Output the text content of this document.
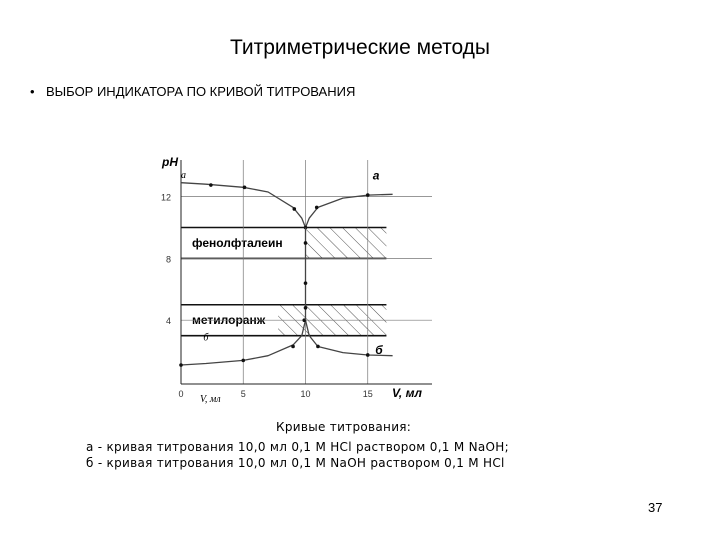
Титриметрические методы
• ВЫБОР ИНДИКАТОРА ПО КРИВОЙ ТИТРОВАНИЯ
фенолфталеин
метилоранж
4
8
12
0	5	10	15
pH
а
V, мл
V, мл
а
б
б
Кривые титрования:
а - кривая титрования 10,0 мл 0,1 М HCl раствором 0,1 М NaOH;
б - кривая титрования 10,0 мл 0,1 М NaOH раствором 0,1 М HCl
37
